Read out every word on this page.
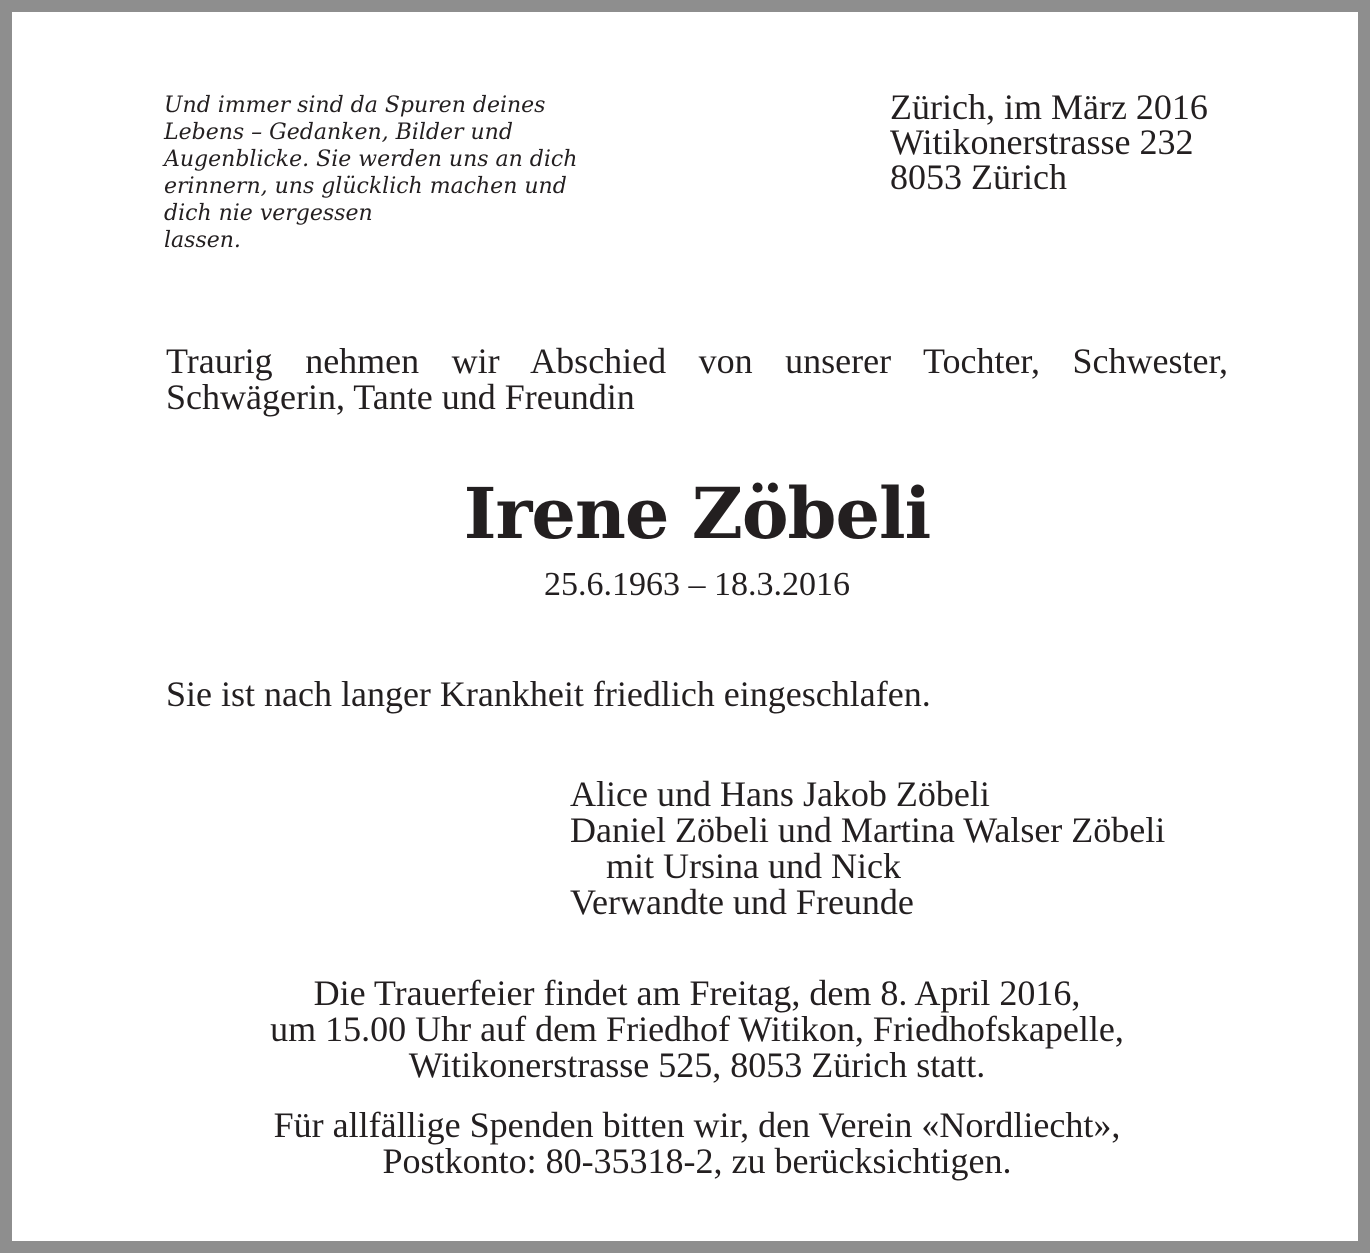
Und immer sind da Spuren deines
Lebens – Gedanken, Bilder und
Augenblicke. Sie werden uns an dich
erinnern, uns glücklich machen und
dich nie vergessen
lassen.
Zürich, im März 2016
Witikonerstrasse 232
8053 Zürich
Traurig nehmen wir Abschied von unserer Tochter, Schwester,
Schwägerin, Tante und Freundin
Irene Zöbeli
25.6.1963 – 18.3.2016
Sie ist nach langer Krankheit friedlich eingeschlafen.
Alice und Hans Jakob Zöbeli
Daniel Zöbeli und Martina Walser Zöbeli
mit Ursina und Nick
Verwandte und Freunde
Die Trauerfeier findet am Freitag, dem 8. April 2016,
um 15.00 Uhr auf dem Friedhof Witikon, Friedhofskapelle,
Witikonerstrasse 525, 8053 Zürich statt.
Für allfällige Spenden bitten wir, den Verein «Nordliecht»,
Postkonto: 80-35318-2, zu berücksichtigen.
